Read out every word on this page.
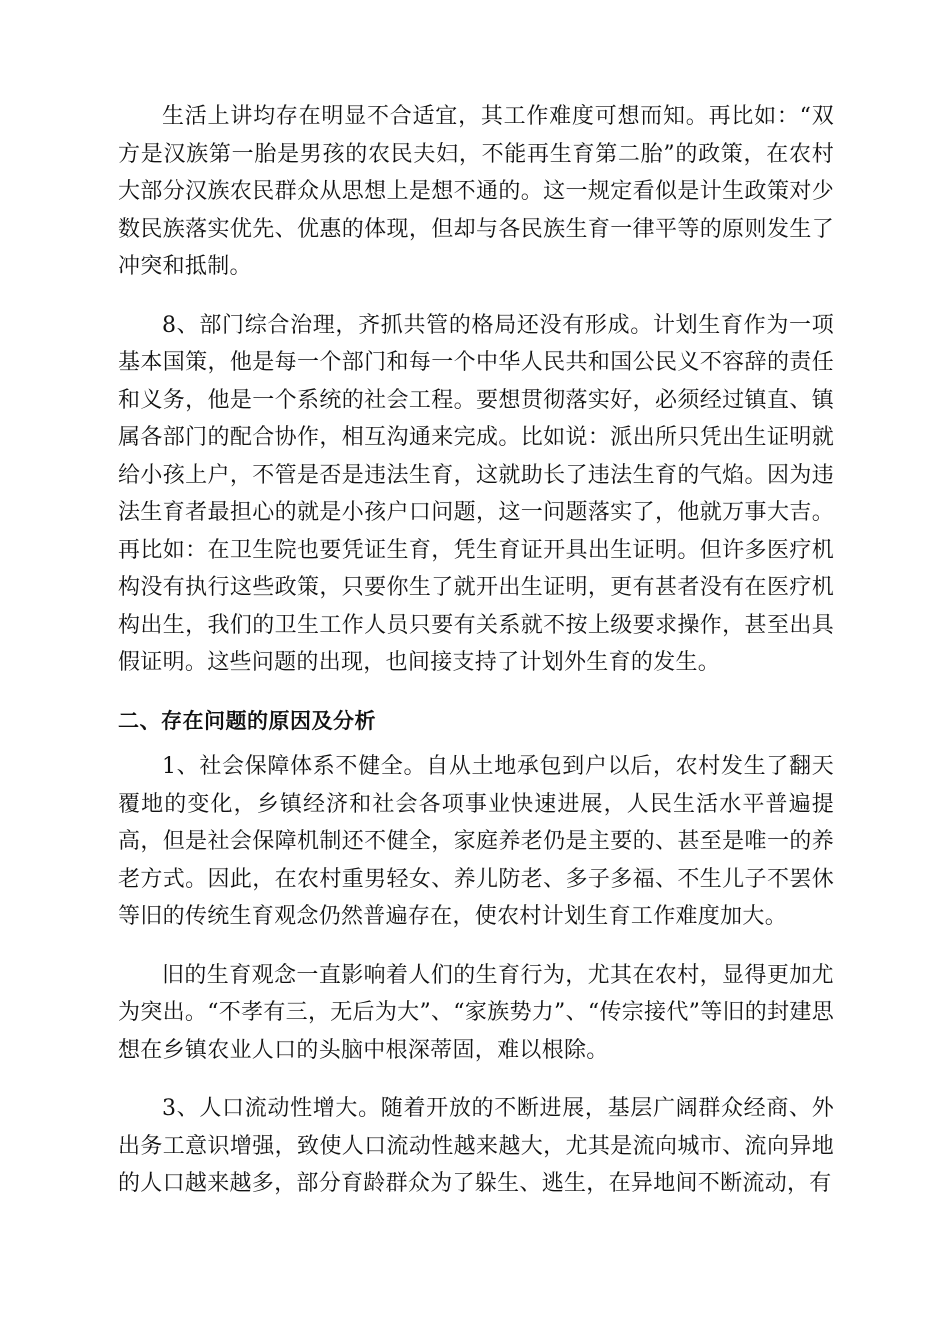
生活上讲均存在明显不合适宜，其工作难度可想而知。再比如：“双方是汉族第一胎是男孩的农民夫妇，不能再生育第二胎”的政策，在农村大部分汉族农民群众从思想上是想不通的。这一规定看似是计生政策对少数民族落实优先、优惠的体现，但却与各民族生育一律平等的原则发生了冲突和抵制。

8、部门综合治理，齐抓共管的格局还没有形成。计划生育作为一项基本国策，他是每一个部门和每一个中华人民共和国公民义不容辞的责任和义务，他是一个系统的社会工程。要想贯彻落实好，必须经过镇直、镇属各部门的配合协作，相互沟通来完成。比如说：派出所只凭出生证明就给小孩上户，不管是否是违法生育，这就助长了违法生育的气焰。因为违法生育者最担心的就是小孩户口问题，这一问题落实了，他就万事大吉。再比如：在卫生院也要凭证生育，凭生育证开具出生证明。但许多医疗机构没有执行这些政策，只要你生了就开出生证明，更有甚者没有在医疗机构出生，我们的卫生工作人员只要有关系就不按上级要求操作，甚至出具假证明。这些问题的出现，也间接支持了计划外生育的发生。

二、存在问题的原因及分析

1、社会保障体系不健全。自从土地承包到户以后，农村发生了翻天覆地的变化，乡镇经济和社会各项事业快速进展，人民生活水平普遍提高，但是社会保障机制还不健全，家庭养老仍是主要的、甚至是唯一的养老方式。因此，在农村重男轻女、养儿防老、多子多福、不生儿子不罢休等旧的传统生育观念仍然普遍存在，使农村计划生育工作难度加大。

旧的生育观念一直影响着人们的生育行为，尤其在农村，显得更加尤为突出。“不孝有三，无后为大”、“家族势力”、“传宗接代”等旧的封建思想在乡镇农业人口的头脑中根深蒂固，难以根除。

3、人口流动性增大。随着开放的不断进展，基层广阔群众经商、外出务工意识增强，致使人口流动性越来越大，尤其是流向城市、流向异地的人口越来越多，部分育龄群众为了躲生、逃生，在异地间不断流动，有
